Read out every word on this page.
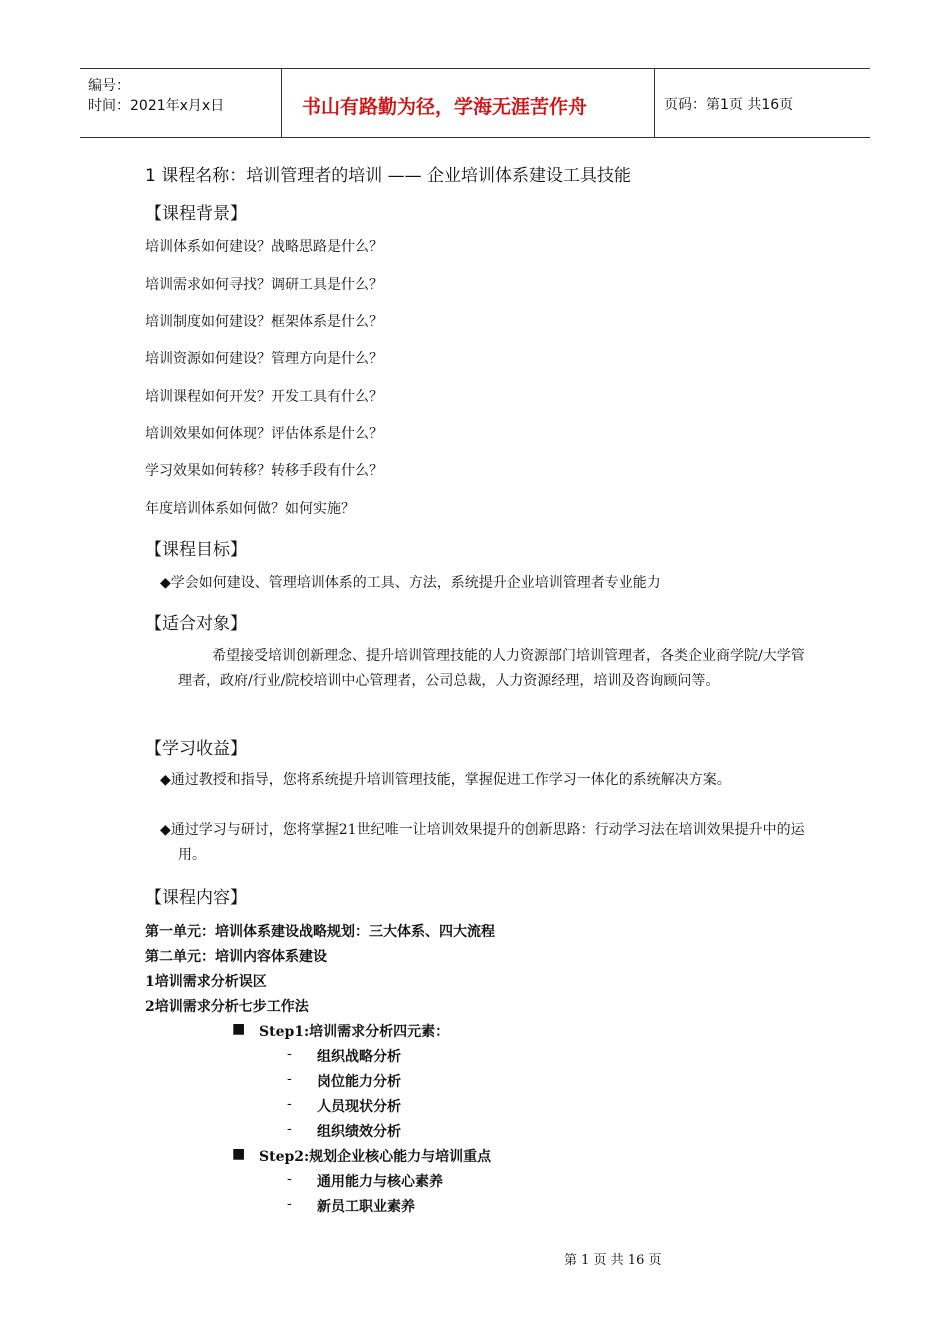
编号：
时间：2021年x月x日	书山有路勤为径，学海无涯苦作舟	页码：第1页 共16页
1 课程名称：培训管理者的培训 —— 企业培训体系建设工具技能
【课程背景】
培训体系如何建设？战略思路是什么？
培训需求如何寻找？调研工具是什么？
培训制度如何建设？框架体系是什么？
培训资源如何建设？管理方向是什么？
培训课程如何开发？开发工具有什么？
培训效果如何体现？评估体系是什么？
学习效果如何转移？转移手段有什么？
年度培训体系如何做？如何实施？
【课程目标】
◆学会如何建设、管理培训体系的工具、方法，系统提升企业培训管理者专业能力
【适合对象】
希望接受培训创新理念、提升培训管理技能的人力资源部门培训管理者，各类企业商学院/大学管理者，政府/行业/院校培训中心管理者，公司总裁，人力资源经理，培训及咨询顾问等。
【学习收益】
◆通过教授和指导，您将系统提升培训管理技能，掌握促进工作学习一体化的系统解决方案。
◆通过学习与研讨，您将掌握21世纪唯一让培训效果提升的创新思路：行动学习法在培训效果提升中的运用。
【课程内容】
第一单元：培训体系建设战略规划：三大体系、四大流程
第二单元：培训内容体系建设
1培训需求分析误区
2培训需求分析七步工作法
■ Step1:培训需求分析四元素：
- 组织战略分析
- 岗位能力分析
- 人员现状分析
- 组织绩效分析
■ Step2:规划企业核心能力与培训重点
- 通用能力与核心素养
- 新员工职业素养
第 1 页 共 16 页
